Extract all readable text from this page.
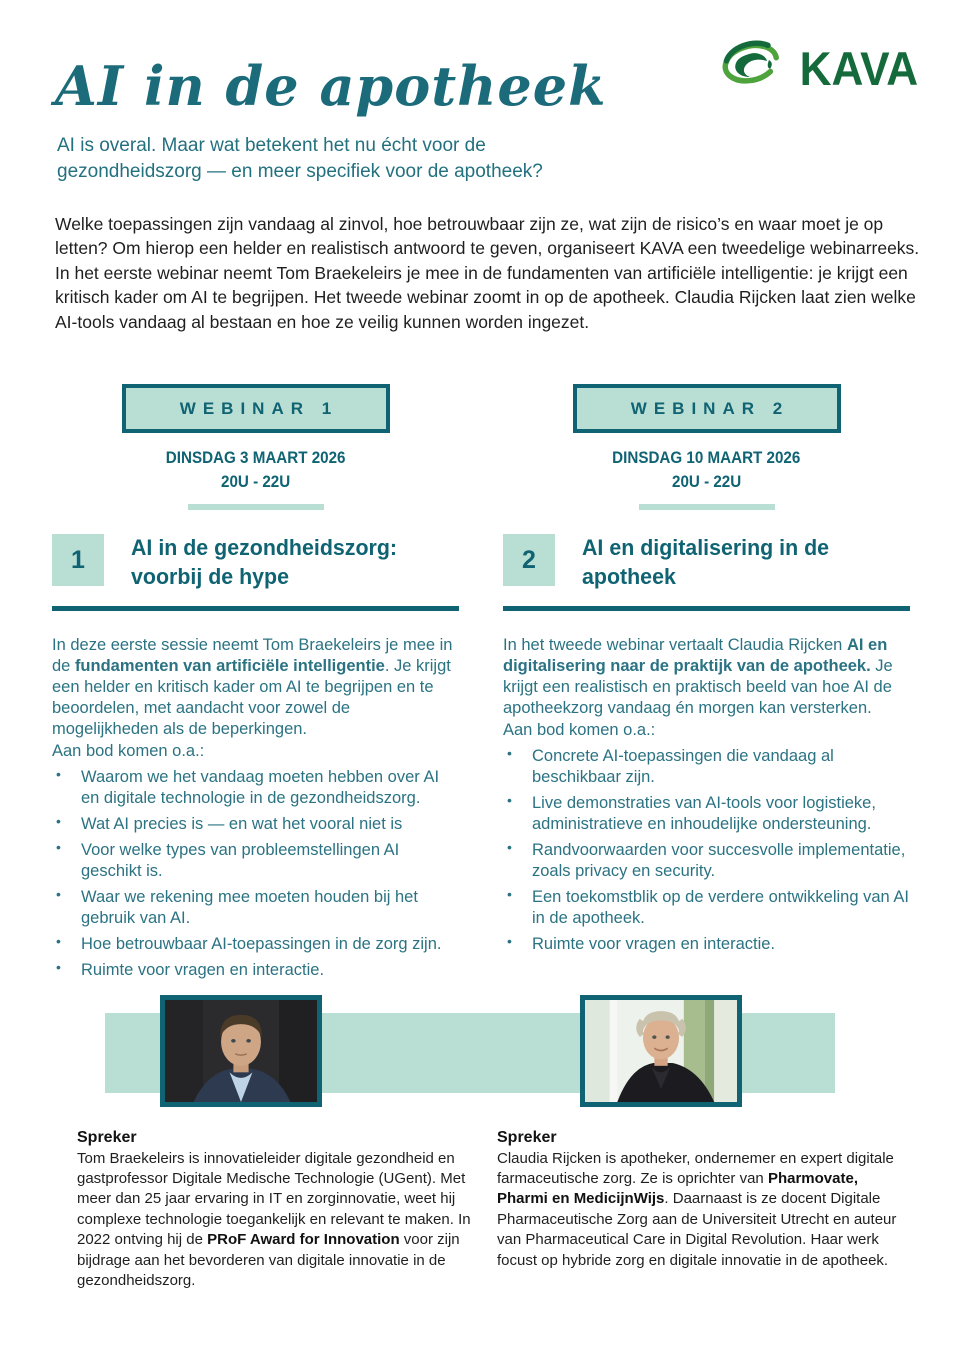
KAVA
AI in de apotheek

AI is overal. Maar wat betekent het nu écht voor de gezondheidszorg — en meer specifiek voor de apotheek?

Welke toepassingen zijn vandaag al zinvol, hoe betrouwbaar zijn ze, wat zijn de risico’s en waar moet je op letten? Om hierop een helder en realistisch antwoord te geven, organiseert KAVA een tweedelige webinarreeks. In het eerste webinar neemt Tom Braekeleirs je mee in de fundamenten van artificiële intelligentie: je krijgt een kritisch kader om AI te begrijpen. Het tweede webinar zoomt in op de apotheek. Claudia Rijcken laat zien welke AI-tools vandaag al bestaan en hoe ze veilig kunnen worden ingezet.

WEBINAR 1
DINSDAG 3 MAART 2026
20U - 22U
1	AI in de gezondheidszorg: voorbij de hype

In deze eerste sessie neemt Tom Braekeleirs je mee in de fundamenten van artificiële intelligentie. Je krijgt een helder en kritisch kader om AI te begrijpen en te beoordelen, met aandacht voor zowel de mogelijkheden als de beperkingen.

Aan bod komen o.a.:

• Waarom we het vandaag moeten hebben over AI en digitale technologie in de gezondheidszorg.
• Wat AI precies is — en wat het vooral niet is
• Voor welke types van probleemstellingen AI geschikt is.
• Waar we rekening mee moeten houden bij het gebruik van AI.
• Hoe betrouwbaar AI-toepassingen in de zorg zijn.
• Ruimte voor vragen en interactie.
WEBINAR 2
DINSDAG 10 MAART 2026
20U - 22U
2	AI en digitalisering in de apotheek

In het tweede webinar vertaalt Claudia Rijcken AI en digitalisering naar de praktijk van de apotheek. Je krijgt een realistisch en praktisch beeld van hoe AI de apotheekzorg vandaag én morgen kan versterken.

Aan bod komen o.a.:

• Concrete AI-toepassingen die vandaag al beschikbaar zijn.
• Live demonstraties van AI-tools voor logistieke, administratieve en inhoudelijke ondersteuning.
• Randvoorwaarden voor succesvolle implementatie, zoals privacy en security.
• Een toekomstblik op de verdere ontwikkeling van AI in de apotheek.
• Ruimte voor vragen en interactie.
Spreker

Tom Braekeleirs is innovatieleider digitale gezondheid en gastprofessor Digitale Medische Technologie (UGent). Met meer dan 25 jaar ervaring in IT en zorginnovatie, weet hij complexe technologie toegankelijk en relevant te maken. In 2022 ontving hij de PRoF Award for Innovation voor zijn bijdrage aan het bevorderen van digitale innovatie in de gezondheidszorg.

Spreker

Claudia Rijcken is apotheker, ondernemer en expert digitale farmaceutische zorg. Ze is oprichter van Pharmovate, Pharmi en MedicijnWijs. Daarnaast is ze docent Digitale Pharmaceutische Zorg aan de Universiteit Utrecht en auteur van Pharmaceutical Care in Digital Revolution. Haar werk focust op hybride zorg en digitale innovatie in de apotheek.
